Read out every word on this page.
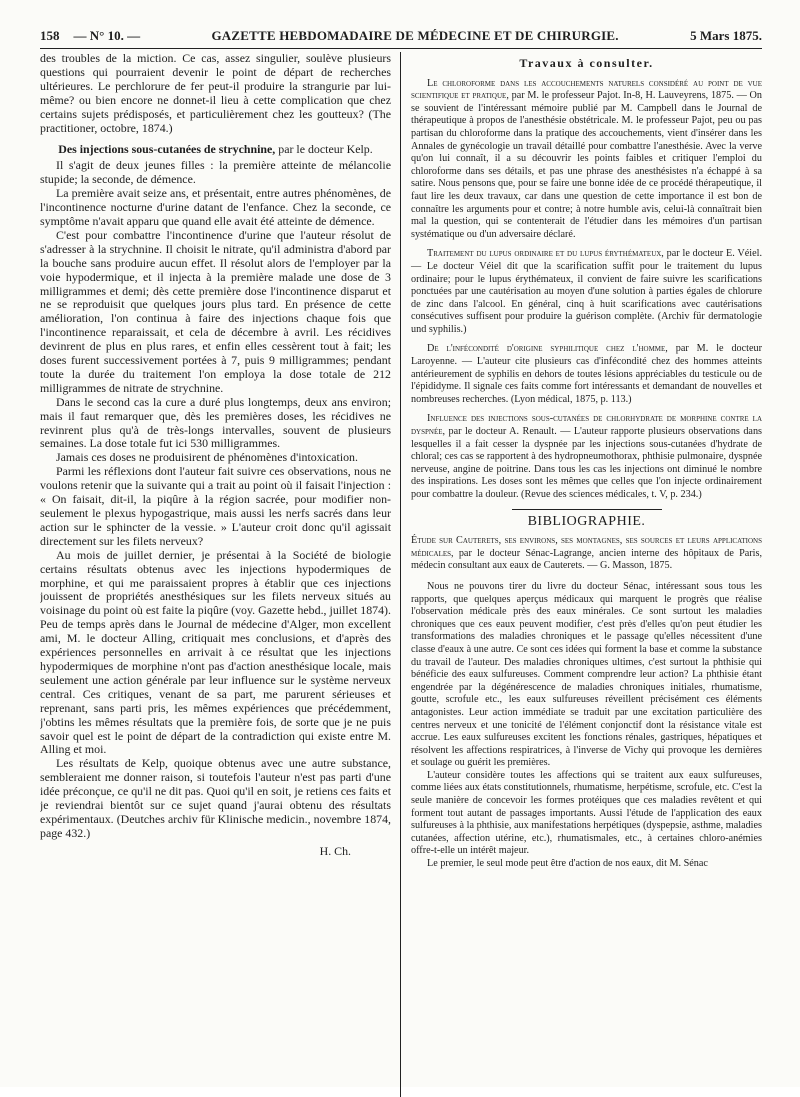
158 — N° 10. —	GAZETTE HEBDOMADAIRE DE MÉDECINE ET DE CHIRURGIE.	5 Mars 1875.

des troubles de la miction. Ce cas, assez singulier, soulève plusieurs questions qui pourraient devenir le point de départ de recherches ultérieures. Le perchlorure de fer peut-il produire la strangurie par lui-même? ou bien encore ne donnet-il lieu à cette complication que chez certains sujets prédisposés, et particulièrement chez les goutteux? (The practitioner, octobre, 1874.)

Des injections sous-cutanées de strychnine, par le docteur Kelp.

Il s'agit de deux jeunes filles : la première atteinte de mélancolie stupide; la seconde, de démence.

La première avait seize ans, et présentait, entre autres phénomènes, de l'incontinence nocturne d'urine datant de l'enfance. Chez la seconde, ce symptôme n'avait apparu que quand elle avait été atteinte de démence.

C'est pour combattre l'incontinence d'urine que l'auteur résolut de s'adresser à la strychnine. Il choisit le nitrate, qu'il administra d'abord par la bouche sans produire aucun effet. Il résolut alors de l'employer par la voie hypodermique, et il injecta à la première malade une dose de 3 milligrammes et demi; dès cette première dose l'incontinence disparut et ne se reproduisit que quelques jours plus tard. En présence de cette amélioration, l'on continua à faire des injections chaque fois que l'incontinence reparaissait, et cela de décembre à avril. Les récidives devinrent de plus en plus rares, et enfin elles cessèrent tout à fait; les doses furent successivement portées à 7, puis 9 milligrammes; pendant toute la durée du traitement l'on employa la dose totale de 212 milligrammes de nitrate de strychnine.

Dans le second cas la cure a duré plus longtemps, deux ans environ; mais il faut remarquer que, dès les premières doses, les récidives ne revinrent plus qu'à de très-longs intervalles, souvent de plusieurs semaines. La dose totale fut ici 530 milligrammes.

Jamais ces doses ne produisirent de phénomènes d'intoxication.

Parmi les réflexions dont l'auteur fait suivre ces observations, nous ne voulons retenir que la suivante qui a trait au point où il faisait l'injection : « On faisait, dit-il, la piqûre à la région sacrée, pour modifier non-seulement le plexus hypogastrique, mais aussi les nerfs sacrés dans leur action sur le sphincter de la vessie. » L'auteur croit donc qu'il agissait directement sur les filets nerveux?

Au mois de juillet dernier, je présentai à la Société de biologie certains résultats obtenus avec les injections hypodermiques de morphine, et qui me paraissaient propres à établir que ces injections jouissent de propriétés anesthésiques sur les filets nerveux situés au voisinage du point où est faite la piqûre (voy. Gazette hebd., juillet 1874). Peu de temps après dans le Journal de médecine d'Alger, mon excellent ami, M. le docteur Alling, critiquait mes conclusions, et d'après des expériences personnelles en arrivait à ce résultat que les injections hypodermiques de morphine n'ont pas d'action anesthésique locale, mais seulement une action générale par leur influence sur le système nerveux central. Ces critiques, venant de sa part, me parurent sérieuses et reprenant, sans parti pris, les mêmes expériences que précédemment, j'obtins les mêmes résultats que la première fois, de sorte que je ne puis savoir quel est le point de départ de la contradiction qui existe entre M. Alling et moi.

Les résultats de Kelp, quoique obtenus avec une autre substance, sembleraient me donner raison, si toutefois l'auteur n'est pas parti d'une idée préconçue, ce qu'il ne dit pas. Quoi qu'il en soit, je retiens ces faits et je reviendrai bientôt sur ce sujet quand j'aurai obtenu des résultats expérimentaux. (Deutches archiv für Klinische medicin., novembre 1874, page 432.)

H. Ch.
Travaux à consulter.

Le chloroforme dans les accouchements naturels considéré au point de vue scientifique et pratique, par M. le professeur Pajot. In-8, H. Lauveyrens, 1875. — On se souvient de l'intéressant mémoire publié par M. Campbell dans le Journal de thérapeutique à propos de l'anesthésie obstétricale. M. le professeur Pajot, peu ou pas partisan du chloroforme dans la pratique des accouchements, vient d'insérer dans les Annales de gynécologie un travail détaillé pour combattre l'anesthésie. Avec la verve qu'on lui connaît, il a su découvrir les points faibles et critiquer l'emploi du chloroforme dans ses détails, et pas une phrase des anesthésistes n'a échappé à sa satire. Nous pensons que, pour se faire une bonne idée de ce procédé thérapeutique, il faut lire les deux travaux, car dans une question de cette importance il est bon de connaître les arguments pour et contre; à notre humble avis, celui-là connaîtrait bien mal la question, qui se contenterait de l'étudier dans les mémoires d'un partisan systématique ou d'un adversaire déclaré.

Traitement du lupus ordinaire et du lupus érythémateux, par le docteur E. Véiel. — Le docteur Véiel dit que la scarification suffit pour le traitement du lupus ordinaire; pour le lupus érythémateux, il convient de faire suivre les scarifications ponctuées par une cautérisation au moyen d'une solution à parties égales de chlorure de zinc dans l'alcool. En général, cinq à huit scarifications avec cautérisations consécutives suffisent pour produire la guérison complète. (Archiv für dermatologie und syphilis.)

De l'infécondité d'origine syphilitique chez l'homme, par M. le docteur Laroyenne. — L'auteur cite plusieurs cas d'infécondité chez des hommes atteints antérieurement de syphilis en dehors de toutes lésions appréciables du testicule ou de l'épididyme. Il signale ces faits comme fort intéressants et demandant de nouvelles et nombreuses recherches. (Lyon médical, 1875, p. 113.)

Influence des injections sous-cutanées de chlorhydrate de morphine contre la dyspnée, par le docteur A. Renault. — L'auteur rapporte plusieurs observations dans lesquelles il a fait cesser la dyspnée par les injections sous-cutanées d'hydrate de chloral; ces cas se rapportent à des hydropneumothorax, phthisie pulmonaire, dyspnée nerveuse, angine de poitrine. Dans tous les cas les injections ont diminué le nombre des inspirations. Les doses sont les mêmes que celles que l'on injecte ordinairement pour combattre la douleur. (Revue des sciences médicales, t. V, p. 234.)

BIBLIOGRAPHIE.

Étude sur Cauterets, ses environs, ses montagnes, ses sources et leurs applications médicales, par le docteur Sénac-Lagrange, ancien interne des hôpitaux de Paris, médecin consultant aux eaux de Cauterets. — G. Masson, 1875.

Nous ne pouvons tirer du livre du docteur Sénac, intéressant sous tous les rapports, que quelques aperçus médicaux qui marquent le progrès que réalise l'observation médicale près des eaux minérales. Ce sont surtout les maladies chroniques que ces eaux peuvent modifier, c'est près d'elles qu'on peut étudier les transformations des maladies chroniques et le passage qu'elles nécessitent d'une classe d'eaux à une autre. Ce sont ces idées qui forment la base et comme la substance du travail de l'auteur. Des maladies chroniques ultimes, c'est surtout la phthisie qui bénéficie des eaux sulfureuses. Comment comprendre leur action? La phthisie étant engendrée par la dégénérescence de maladies chroniques initiales, rhumatisme, goutte, scrofule etc., les eaux sulfureuses réveillent précisément ces éléments antagonistes. Leur action immédiate se traduit par une excitation particulière des centres nerveux et une tonicité de l'élément conjonctif dont la résistance vitale est accrue. Les eaux sulfureuses excitent les fonctions rénales, gastriques, hépatiques et résolvent les affections respiratrices, à l'inverse de Vichy qui provoque les dernières et soulage ou guérit les premières.

L'auteur considère toutes les affections qui se traitent aux eaux sulfureuses, comme liées aux états constitutionnels, rhumatisme, herpétisme, scrofule, etc. C'est la seule manière de concevoir les formes protéiques que ces maladies revêtent et qui forment tout autant de passages importants. Aussi l'étude de l'application des eaux sulfureuses à la phthisie, aux manifestations herpétiques (dyspepsie, asthme, maladies cutanées, affection utérine, etc.), rhumatismales, etc., à certaines chloro-anémies offre-t-elle un intérêt majeur.

Le premier, le seul mode peut être d'action de nos eaux, dit M. Sénac
